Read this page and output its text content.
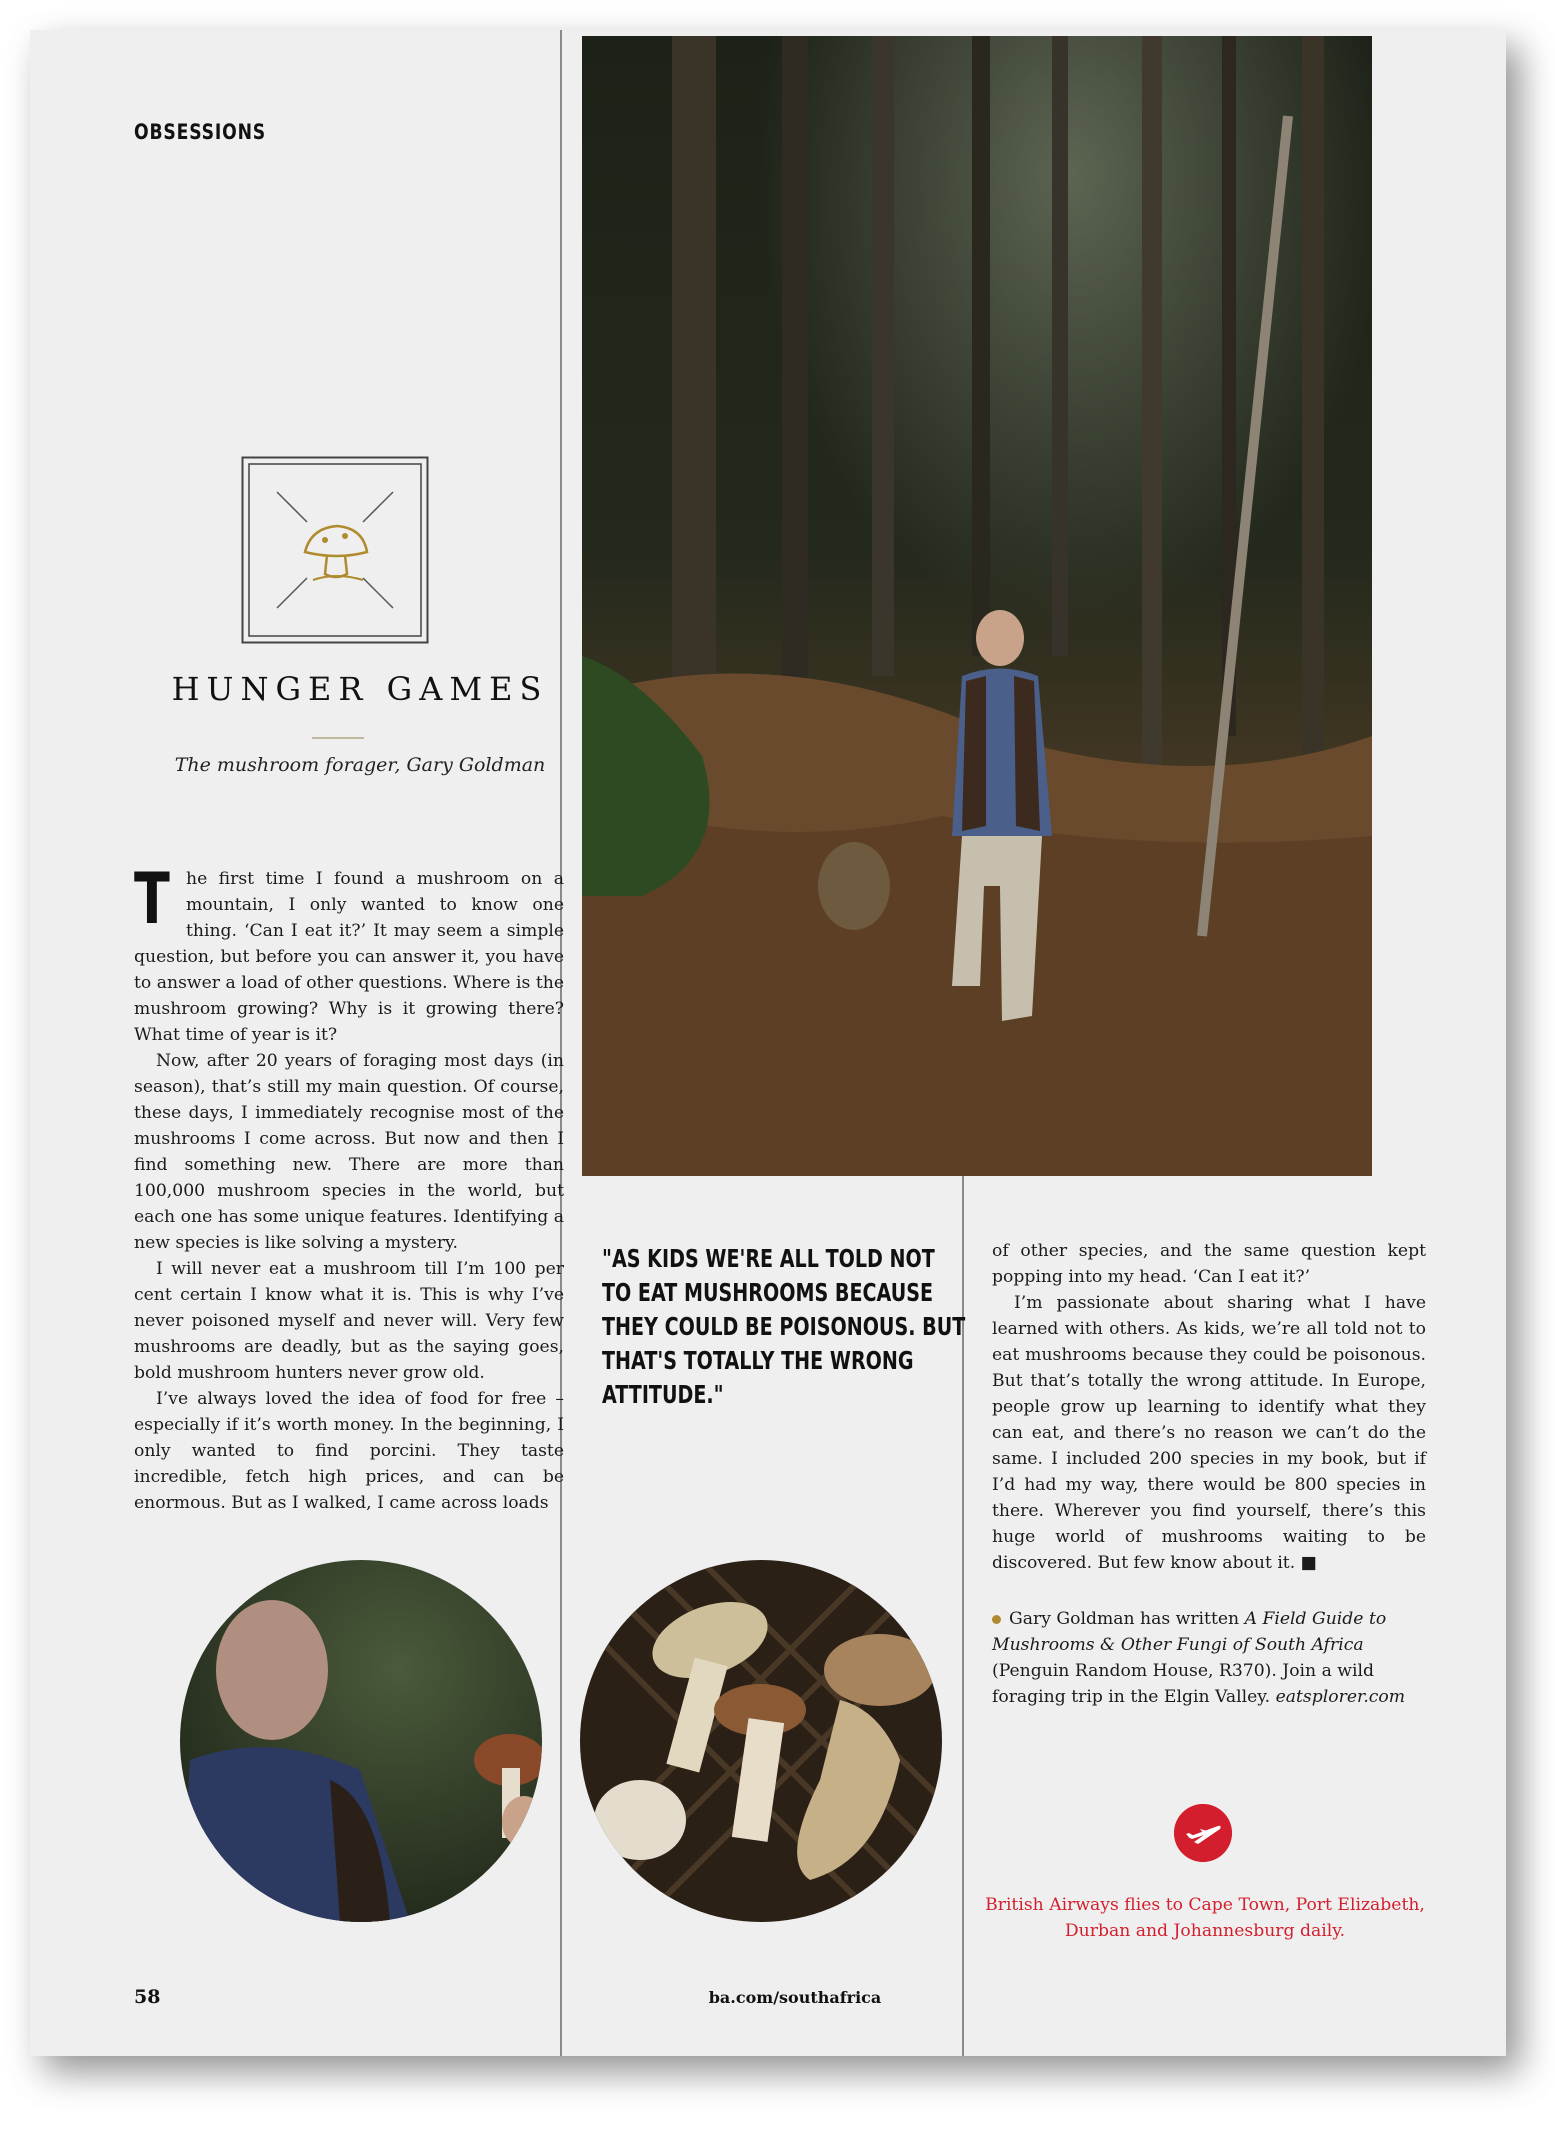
OBSESSIONS
HUNGER GAMES
The mushroom forager, Gary Goldman
T he first time I found a mushroom on a mountain, I only wanted to know one thing. ‘Can I eat it?’ It may seem a simple question, but before you can answer it, you have to answer a load of other questions. Where is the mushroom growing? Why is it growing there? What time of year is it?

Now, after 20 years of foraging most days (in season), that’s still my main question. Of course, these days, I immediately recognise most of the mushrooms I come across. But now and then I find something new. There are more than 100,000 mushroom species in the world, but each one has some unique features. Identifying a new species is like solving a mystery.

I will never eat a mushroom till I’m 100 per cent certain I know what it is. This is why I’ve never poisoned myself and never will. Very few mushrooms are deadly, but as the saying goes, bold mushroom hunters never grow old.

I’ve always loved the idea of food for free – especially if it’s worth money. In the beginning, I only wanted to find porcini. They taste incredible, fetch high prices, and can be enormous. But as I walked, I came across loads

"AS KIDS WE'RE ALL TOLD NOT TO EAT MUSHROOMS BECAUSE THEY COULD BE POISONOUS. BUT THAT'S TOTALLY THE WRONG ATTITUDE."

of other species, and the same question kept popping into my head. ‘Can I eat it?’

I’m passionate about sharing what I have learned with others. As kids, we’re all told not to eat mushrooms because they could be poisonous. But that’s totally the wrong attitude. In Europe, people grow up learning to identify what they can eat, and there’s no reason we can’t do the same. I included 200 species in my book, but if I’d had my way, there would be 800 species in there. Wherever you find yourself, there’s this huge world of mushrooms waiting to be discovered. But few know about it. ■

Gary Goldman has written A Field Guide to Mushrooms & Other Fungi of South Africa (Penguin Random House, R370). Join a wild foraging trip in the Elgin Valley. eatsplorer.com
British Airways flies to Cape Town, Port Elizabeth, Durban and Johannesburg daily.
58	ba.com/southafrica
